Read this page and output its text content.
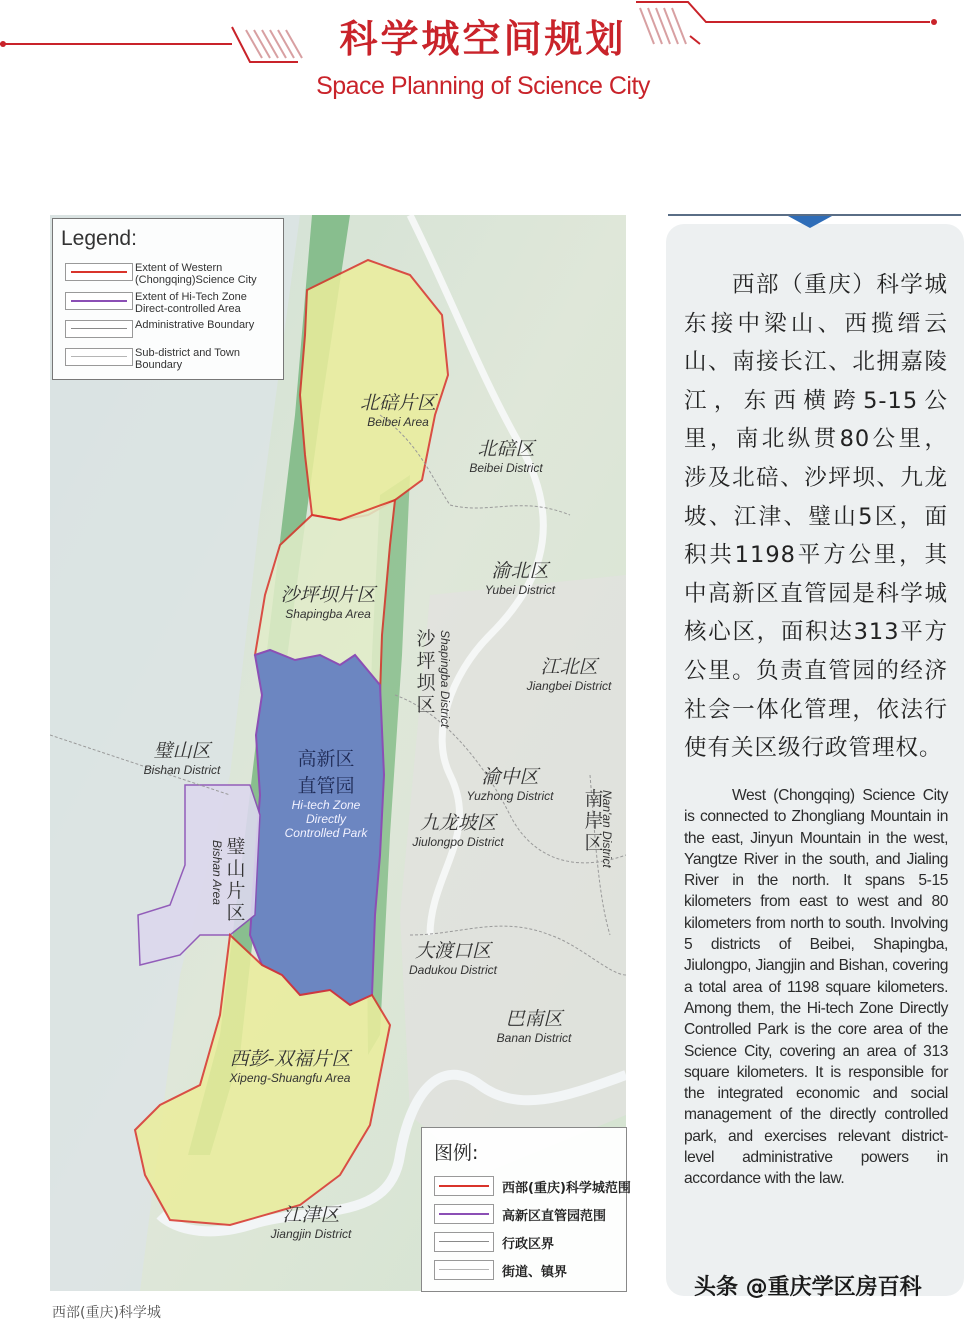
科学城空间规划
Space Planning of Science City
Legend:
Extent of Western (Chongqing)Science City
Extent of Hi-Tech Zone Direct-controlled Area
Administrative Boundary
Sub-district and Town Boundary
图例:
西部(重庆)科学城范围
高新区直管园范围
行政区界
街道、镇界
北碚片区
Beibei Area
北碚区
Beibei District
渝北区
Yubei District
沙坪坝片区
Shapingba Area
江北区
Jiangbei District
璧山区
Bishan District	高新区
直管园
Hi-tech Zone
Directly
Controlled Park
渝中区
Yuzhong District
九龙坡区
Jiulongpo District
大渡口区
Dadukou District
巴南区
Banan District
西彭-双福片区
Xipeng-Shuangfu Area
江津区
Jiangjin District
沙坪坝区 Shapingba District
南岸区
Nan'an District
璧山片区
Bishan Area
西部（重庆）科学城东接中梁山、西揽缙云山、南接长江、北拥嘉陵江，东西横跨5-15公里，南北纵贯80公里，涉及北碚、沙坪坝、九龙坡、江津、璧山5区，面积共1198平方公里，其中高新区直管园是科学城核心区，面积达313平方公里。负责直管园的经济社会一体化管理，依法行使有关区级行政管理权。
West (Chongqing) Science City is connected to Zhongliang Mountain in the east, Jinyun Mountain in the west, Yangtze River in the south, and Jialing River in the north. It spans 5-15 kilometers from east to west and 80 kilometers from north to south. Involving 5 districts of Beibei, Shapingba, Jiulongpo, Jiangjin and Bishan, covering a total area of 1198 square kilometers. Among them, the Hi-tech Zone Directly Controlled Park is the core area of the Science City, covering an area of 313 square kilometers. It is responsible for the integrated economic and social management of the directly controlled park, and exercises relevant district-level administrative powers in accordance with the law.
头条 @重庆学区房百科
西部(重庆)科学城
